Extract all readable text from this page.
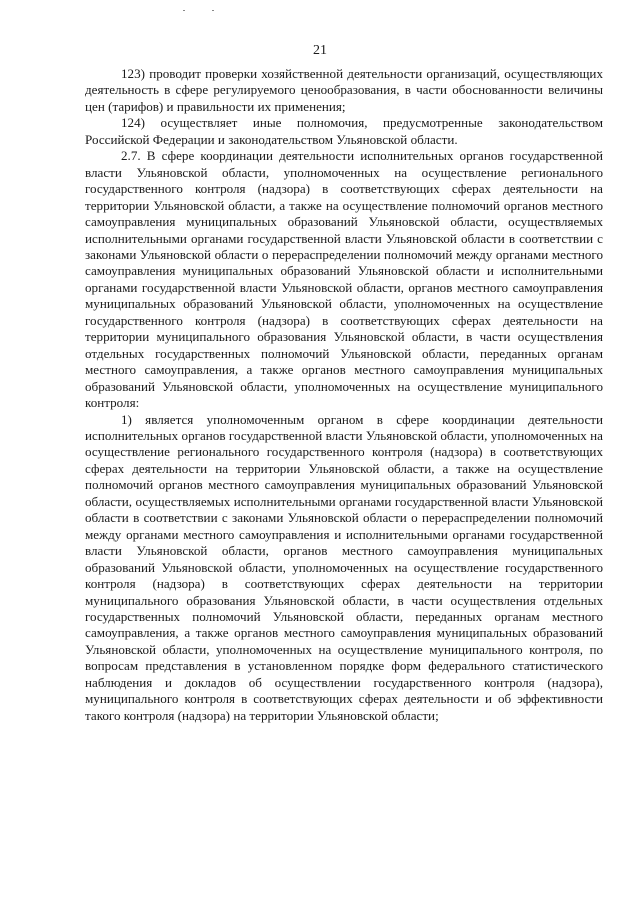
21

123) проводит проверки хозяйственной деятельности организаций, осуществляющих деятельность в сфере регулируемого ценообразования, в части обоснованности величины цен (тарифов) и правильности их применения;

124) осуществляет иные полномочия, предусмотренные законодательством Российской Федерации и законодательством Ульяновской области.

2.7. В сфере координации деятельности исполнительных органов государственной власти Ульяновской области, уполномоченных на осуществление регионального государственного контроля (надзора) в соответствующих сферах деятельности на территории Ульяновской области, а также на осуществление полномочий органов местного самоуправления муниципальных образований Ульяновской области, осуществляемых исполнительными органами государственной власти Ульяновской области в соответствии с законами Ульяновской области о перераспределении полномочий между органами местного самоуправления муниципальных образований Ульяновской области и исполнительными органами государственной власти Ульяновской области, органов местного самоуправления муниципальных образований Ульяновской области, уполномоченных на осуществление государственного контроля (надзора) в соответствующих сферах деятельности на территории муниципального образования Ульяновской области, в части осуществления отдельных государственных полномочий Ульяновской области, переданных органам местного самоуправления, а также органов местного самоуправления муниципальных образований Ульяновской области, уполномоченных на осуществление муниципального контроля:

1) является уполномоченным органом в сфере координации деятельности исполнительных органов государственной власти Ульяновской области, уполномоченных на осуществление регионального государственного контроля (надзора) в соответствующих сферах деятельности на территории Ульяновской области, а также на осуществление полномочий органов местного самоуправления муниципальных образований Ульяновской области, осуществляемых исполнительными органами государственной власти Ульяновской области в соответствии с законами Ульяновской области о перераспределении полномочий между органами местного самоуправления и исполнительными органами государственной власти Ульяновской области, органов местного самоуправления муниципальных образований Ульяновской области, уполномоченных на осуществление государственного контроля (надзора) в соответствующих сферах деятельности на территории муниципального образования Ульяновской области, в части осуществления отдельных государственных полномочий Ульяновской области, переданных органам местного самоуправления, а также органов местного самоуправления муниципальных образований Ульяновской области, уполномоченных на осуществление муниципального контроля, по вопросам представления в установленном порядке форм федерального статистического наблюдения и докладов об осуществлении государственного контроля (надзора), муниципального контроля в соответствующих сферах деятельности и об эффективности такого контроля (надзора) на территории Ульяновской области;
